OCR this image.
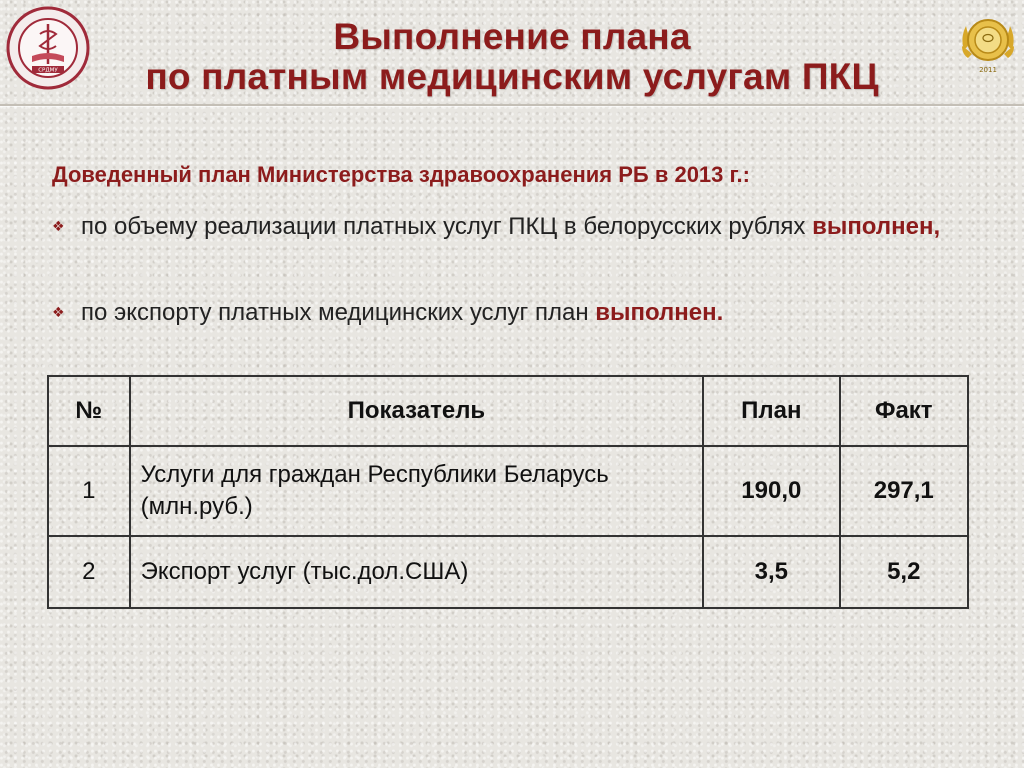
СРДМУ
Выполнение плана
по платным медицинским услугам ПКЦ	2011
Доведенный план Министерства здравоохранения РБ в 2013 г.:
❖ по объему реализации платных услуг ПКЦ в белорусских рублях выполнен,
❖ по экспорту платных медицинских услуг план выполнен.
№	Показатель	План	Факт
1	Услуги для граждан Республики Беларусь (млн.руб.)	190,0	297,1
2	Экспорт услуг (тыс.дол.США)	3,5	5,2
